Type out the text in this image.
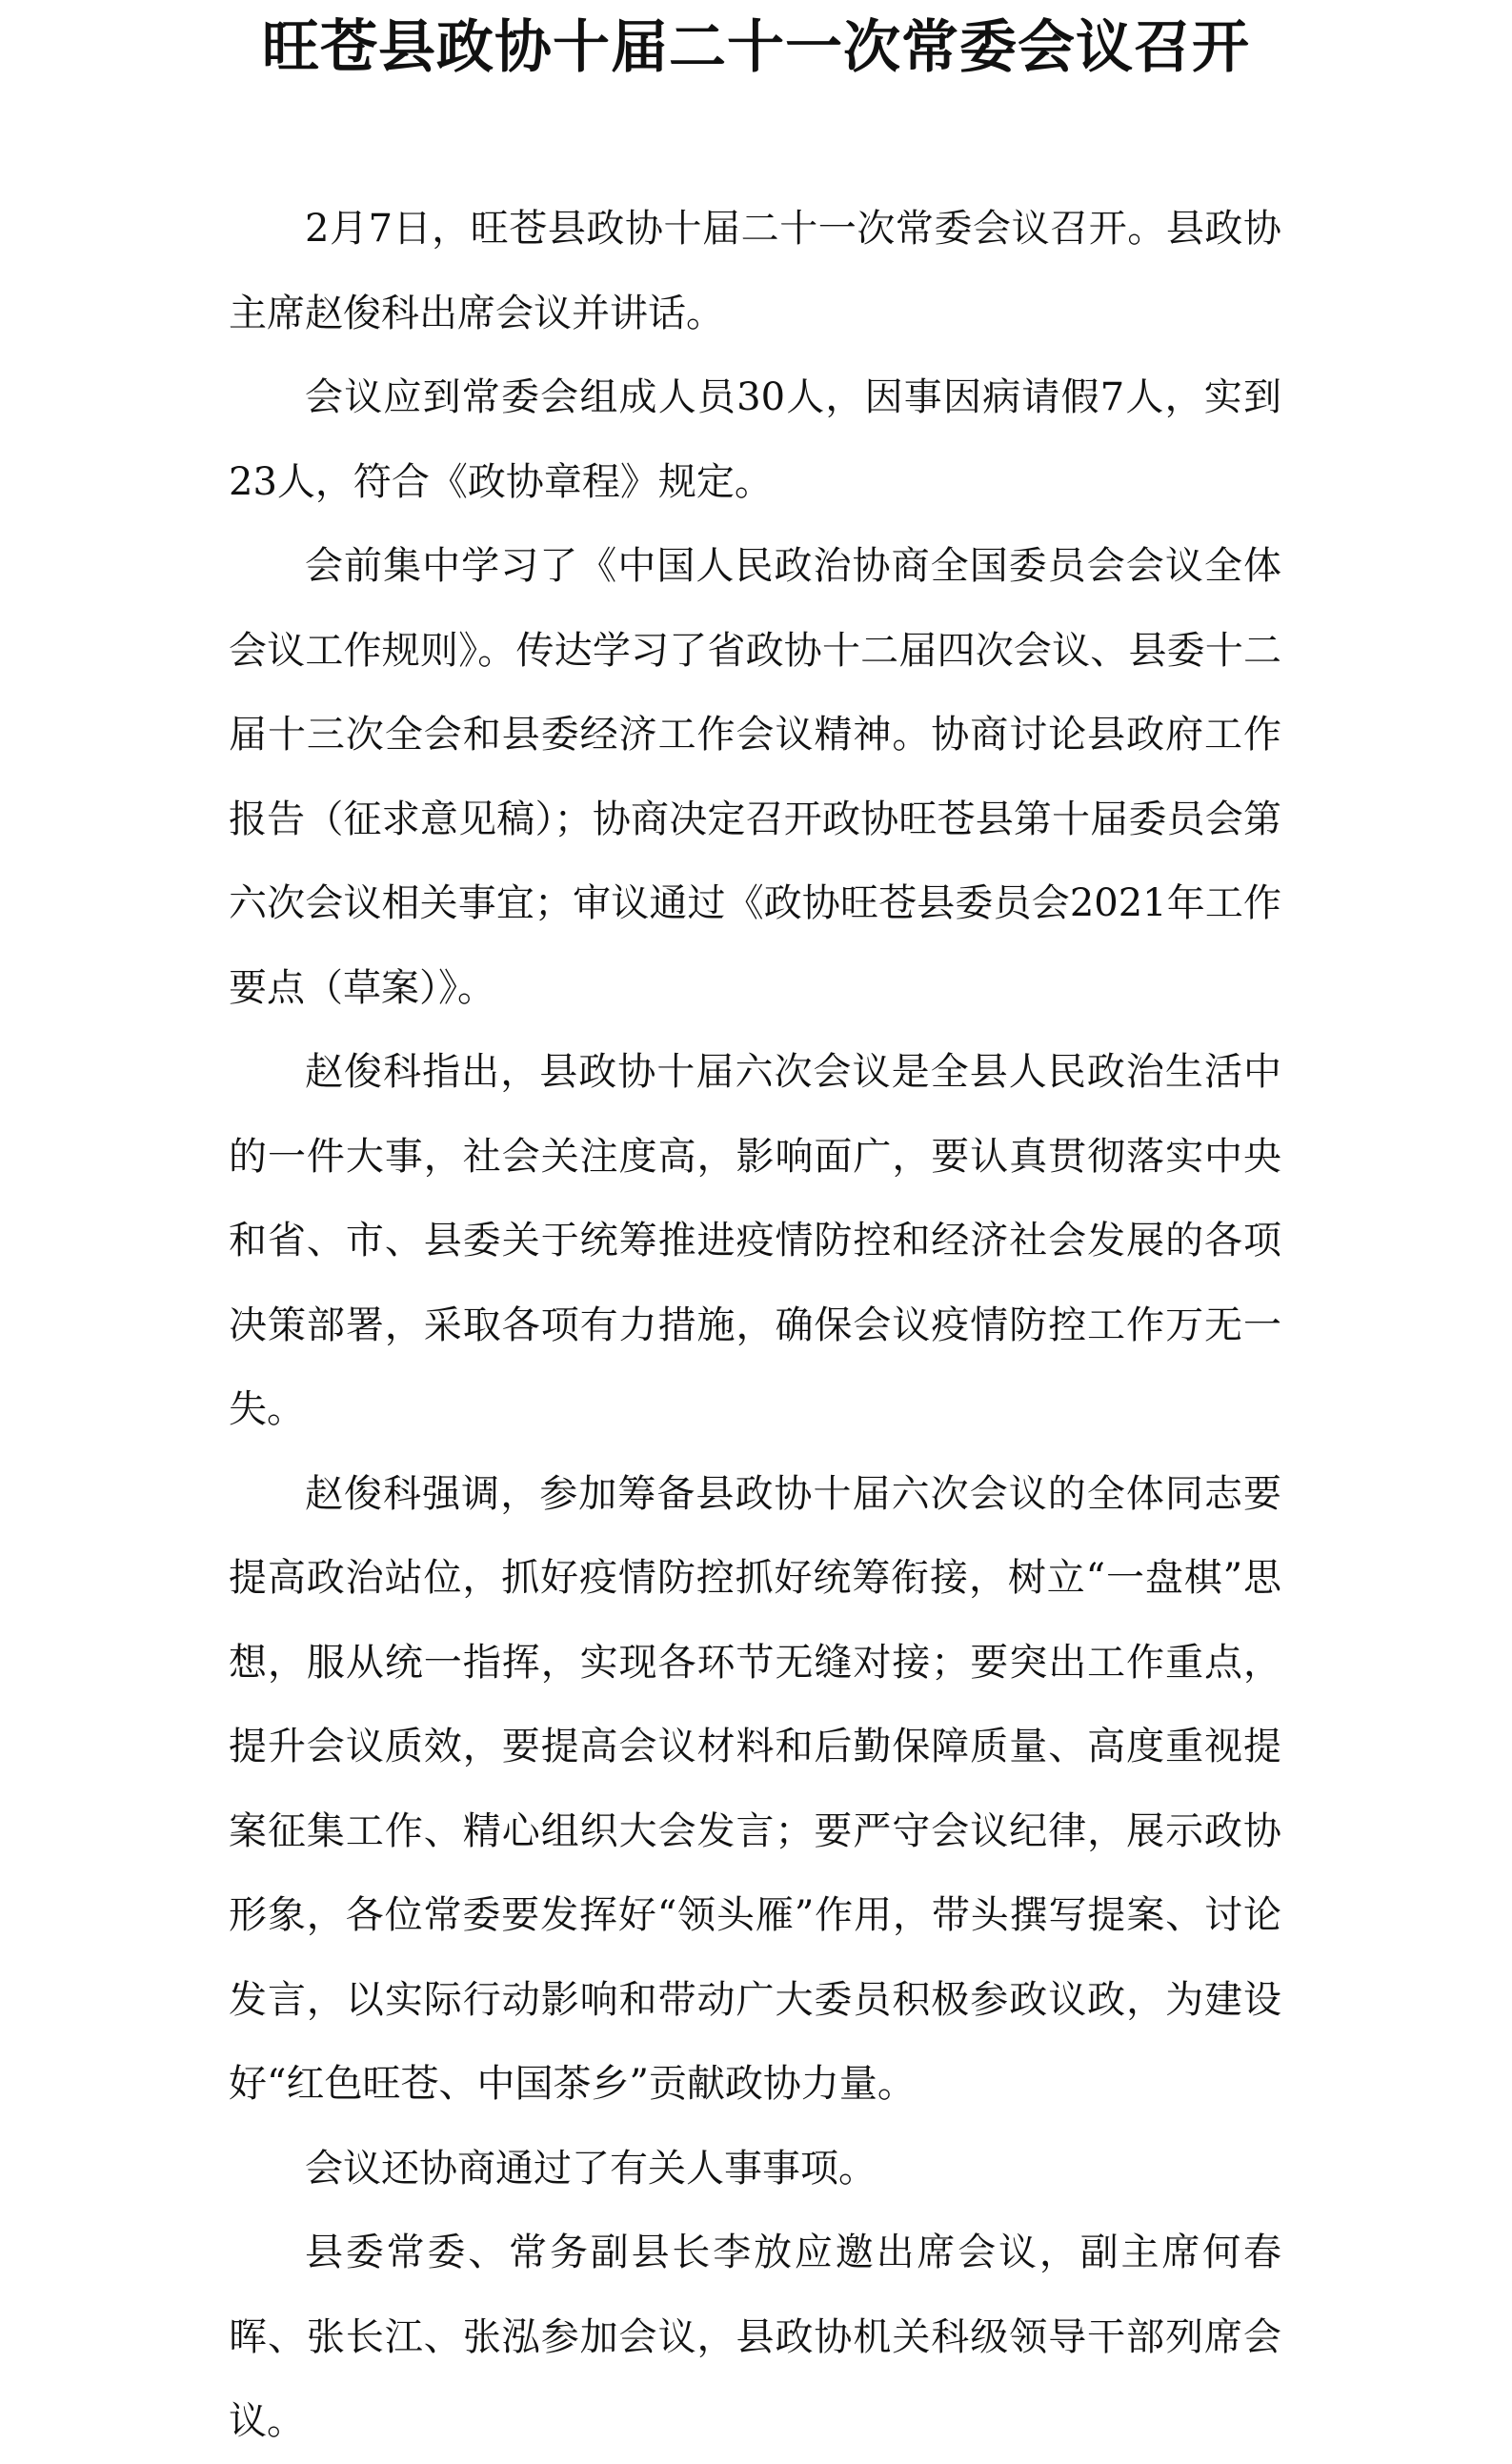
旺苍县政协十届二十一次常委会议召开

2月7日，旺苍县政协十届二十一次常委会议召开。县政协主席赵俊科出席会议并讲话。

会议应到常委会组成人员30人，因事因病请假7人，实到23人，符合《政协章程》规定。

会前集中学习了《中国人民政治协商全国委员会会议全体会议工作规则》。传达学习了省政协十二届四次会议、县委十二届十三次全会和县委经济工作会议精神。协商讨论县政府工作报告（征求意见稿）；协商决定召开政协旺苍县第十届委员会第六次会议相关事宜；审议通过《政协旺苍县委员会2021年工作要点（草案）》。

赵俊科指出，县政协十届六次会议是全县人民政治生活中的一件大事，社会关注度高，影响面广，要认真贯彻落实中央和省、市、县委关于统筹推进疫情防控和经济社会发展的各项决策部署，采取各项有力措施，确保会议疫情防控工作万无一失。

赵俊科强调，参加筹备县政协十届六次会议的全体同志要提高政治站位，抓好疫情防控抓好统筹衔接，树立“一盘棋”思想，服从统一指挥，实现各环节无缝对接；要突出工作重点，提升会议质效，要提高会议材料和后勤保障质量、高度重视提案征集工作、精心组织大会发言；要严守会议纪律，展示政协形象，各位常委要发挥好“领头雁”作用，带头撰写提案、讨论发言，以实际行动影响和带动广大委员积极参政议政，为建设好“红色旺苍、中国茶乡”贡献政协力量。

会议还协商通过了有关人事事项。

县委常委、常务副县长李放应邀出席会议，副主席何春晖、张长江、张泓参加会议，县政协机关科级领导干部列席会议。
